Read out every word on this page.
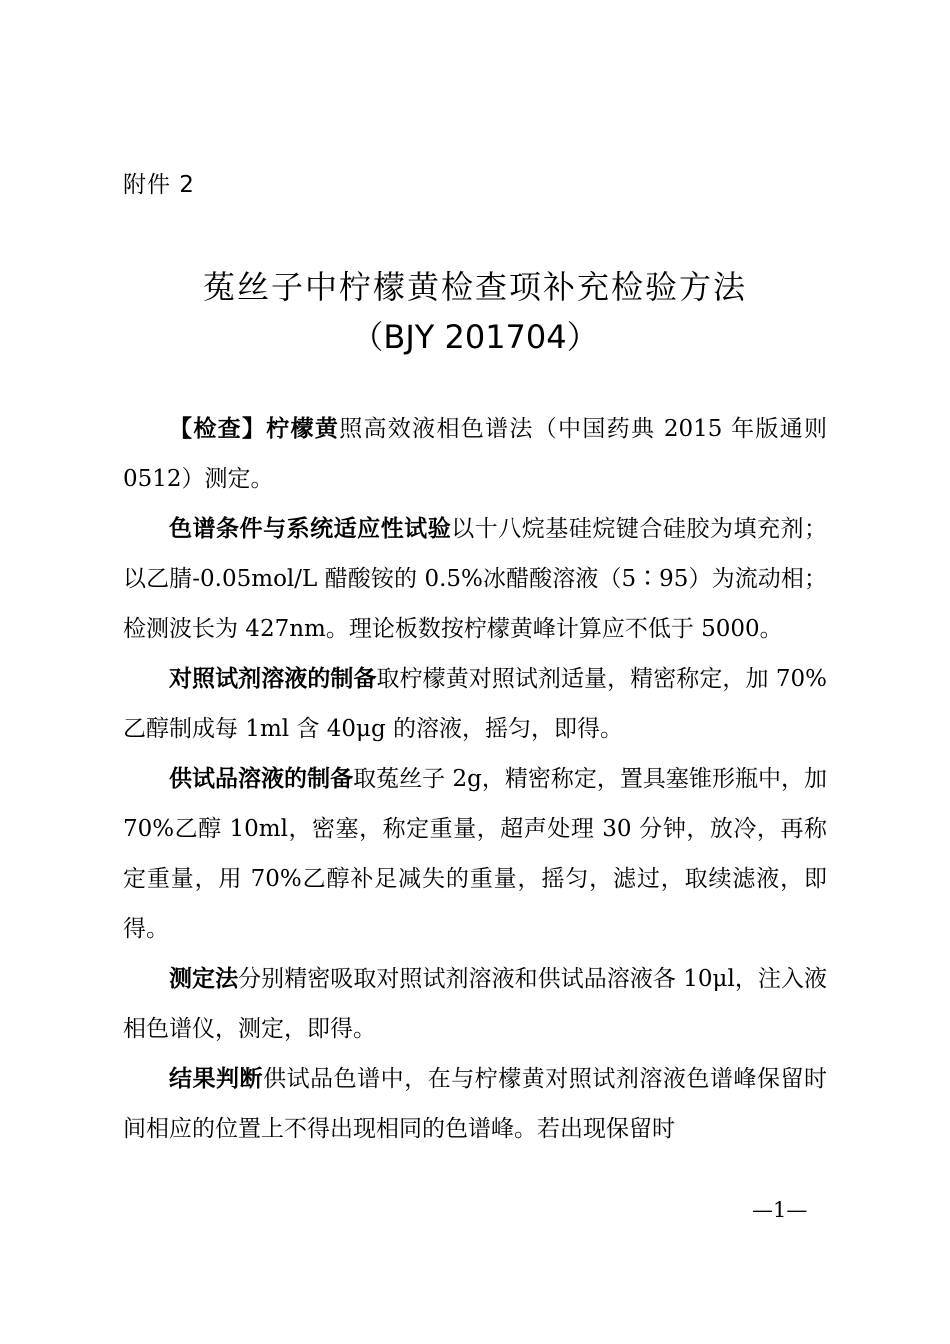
附件 2
菟丝子中柠檬黄检查项补充检验方法
（BJY 201704）

【检查】柠檬黄照高效液相色谱法（中国药典 2015 年版通则 0512）测定。

色谱条件与系统适应性试验以十八烷基硅烷键合硅胶为填充剂；以乙腈-0.05mol/L 醋酸铵的 0.5%冰醋酸溶液（5∶95）为流动相；检测波长为 427nm。理论板数按柠檬黄峰计算应不低于 5000。

对照试剂溶液的制备取柠檬黄对照试剂适量，精密称定，加 70%乙醇制成每 1ml 含 40μg 的溶液，摇匀，即得。

供试品溶液的制备取菟丝子 2g，精密称定，置具塞锥形瓶中，加 70%乙醇 10ml，密塞，称定重量，超声处理 30 分钟，放冷，再称定重量，用 70%乙醇补足减失的重量，摇匀，滤过，取续滤液，即得。

测定法分别精密吸取对照试剂溶液和供试品溶液各 10μl，注入液相色谱仪，测定，即得。

结果判断供试品色谱中，在与柠檬黄对照试剂溶液色谱峰保留时间相应的位置上不得出现相同的色谱峰。若出现保留时

—1—
